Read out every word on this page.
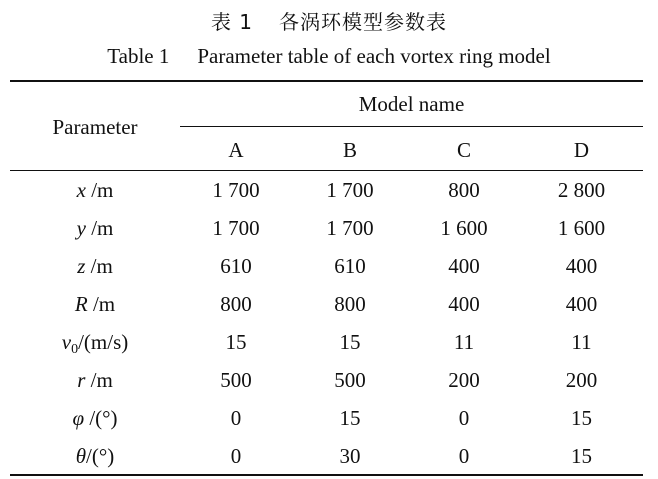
表 1 各涡环模型参数表
Table 1 Parameter table of each vortex ring model
Parameter
Model name
A	B	C	D
x /m	1 700	1 700	800	2 800
y /m	1 700	1 700	1 600	1 600
z /m	610	610	400	400
R /m	800	800	400	400
$v_0/(m/s)$	15	15	11	11
r /m	500	500	200	200
φ /(°)	0	15	0	15
θ/(°)	0	30	0	15
